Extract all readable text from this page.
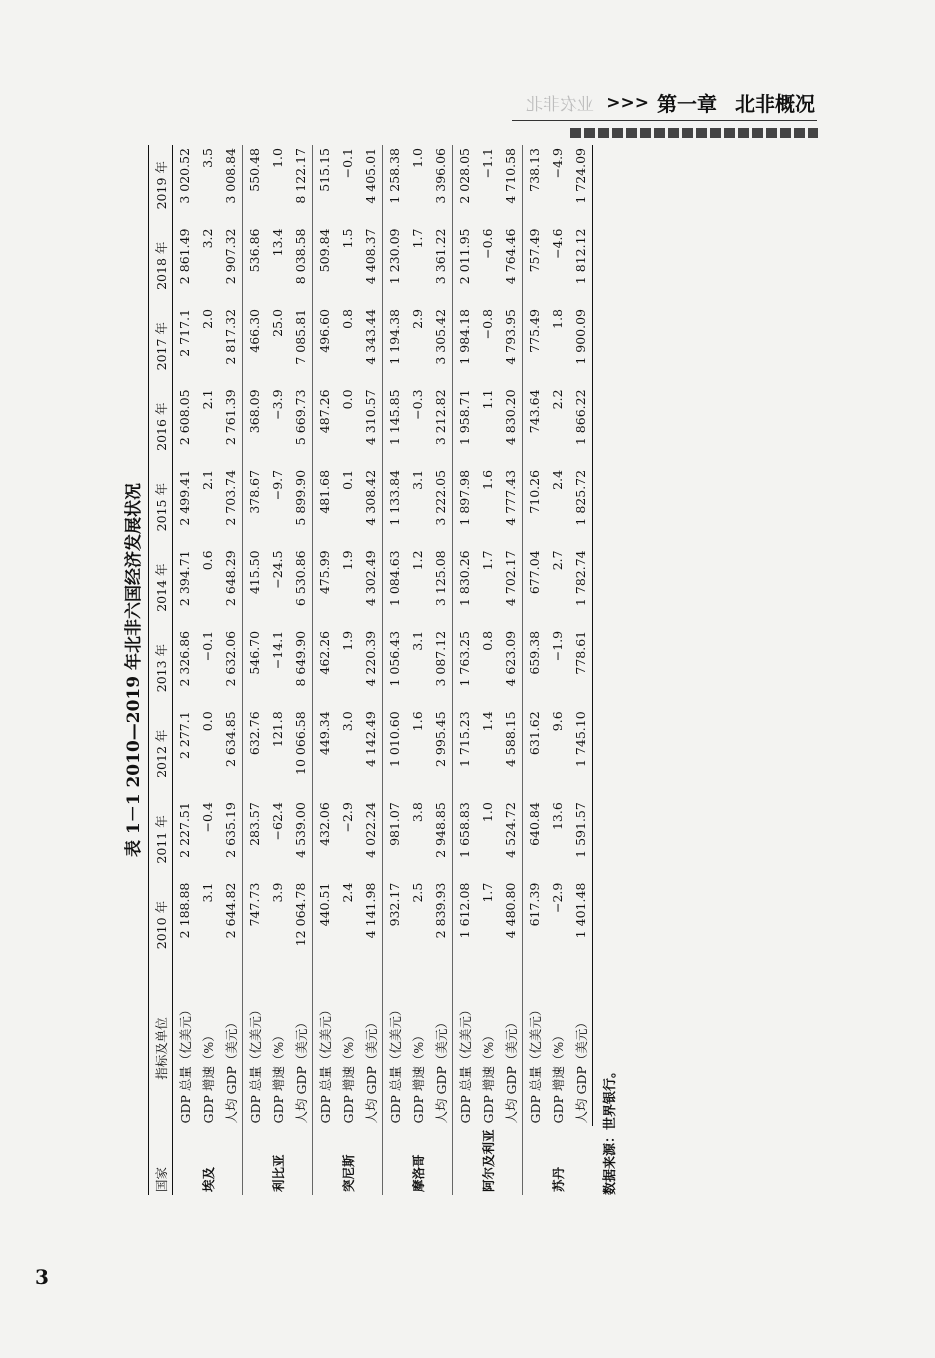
业农非北 >>> 第一章 北非概况
表 1－1 2010—2019 年北非六国经济发展状况
国家	指标及单位	2010 年	2011 年	2012 年	2013 年	2014 年	2015 年	2016 年	2017 年	2018 年	2019 年
埃及	GDP 总量（亿美元）	2 188.88	2 227.51	2 277.1	2 326.86	2 394.71	2 499.41	2 608.05	2 717.1	2 861.49	3 020.52
	GDP 增速（%）	3.1	−0.4	0.0	−0.1	0.6	2.1	2.1	2.0	3.2	3.5
	人均 GDP（美元）	2 644.82	2 635.19	2 634.85	2 632.06	2 648.29	2 703.74	2 761.39	2 817.32	2 907.32	3 008.84
利比亚	GDP 总量（亿美元）	747.73	283.57	632.76	546.70	415.50	378.67	368.09	466.30	536.86	550.48
	GDP 增速（%）	3.9	−62.4	121.8	−14.1	−24.5	−9.7	−3.9	25.0	13.4	1.0
	人均 GDP（美元）	12 064.78	4 539.00	10 066.58	8 649.90	6 530.86	5 899.90	5 669.73	7 085.81	8 038.58	8 122.17
突尼斯	GDP 总量（亿美元）	440.51	432.06	449.34	462.26	475.99	481.68	487.26	496.60	509.84	515.15
	GDP 增速（%）	2.4	−2.9	3.0	1.9	1.9	0.1	0.0	0.8	1.5	−0.1
	人均 GDP（美元）	4 141.98	4 022.24	4 142.49	4 220.39	4 302.49	4 308.42	4 310.57	4 343.44	4 408.37	4 405.01
摩洛哥	GDP 总量（亿美元）	932.17	981.07	1 010.60	1 056.43	1 084.63	1 133.84	1 145.85	1 194.38	1 230.09	1 258.38
	GDP 增速（%）	2.5	3.8	1.6	3.1	1.2	3.1	−0.3	2.9	1.7	1.0
	人均 GDP（美元）	2 839.93	2 948.85	2 995.45	3 087.12	3 125.08	3 222.05	3 212.82	3 305.42	3 361.22	3 396.06
阿尔及利亚	GDP 总量（亿美元）	1 612.08	1 658.83	1 715.23	1 763.25	1 830.26	1 897.98	1 958.71	1 984.18	2 011.95	2 028.05
	GDP 增速（%）	1.7	1.0	1.4	0.8	1.7	1.6	1.1	−0.8	−0.6	−1.1
	人均 GDP（美元）	4 480.80	4 524.72	4 588.15	4 623.09	4 702.17	4 777.43	4 830.20	4 793.95	4 764.46	4 710.58
苏丹	GDP 总量（亿美元）	617.39	640.84	631.62	659.38	677.04	710.26	743.64	775.49	757.49	738.13
	GDP 增速（%）	−2.9	13.6	9.6	−1.9	2.7	2.4	2.2	1.8	−4.6	−4.9
	人均 GDP（美元）	1 401.48	1 591.57	1 745.10	778.61	1 782.74	1 825.72	1 866.22	1 900.09	1 812.12	1 724.09
数据来源：世界银行。
3
